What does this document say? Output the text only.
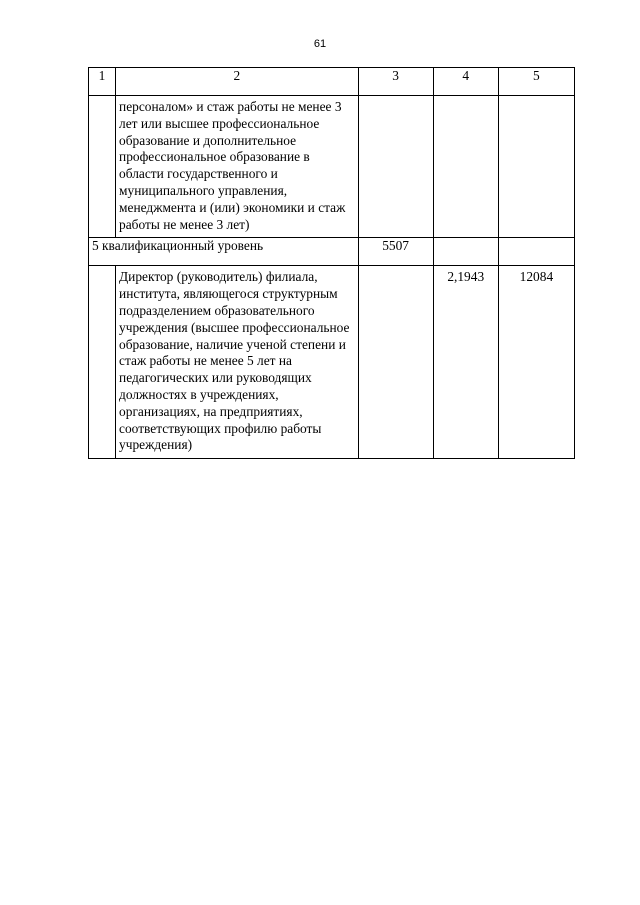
61
1	2	3	4	5
	персоналом» и стаж работы не менее 3 лет или высшее профессиональное образование и дополнительное профессиональное образование в области государственного и муниципального управления, менеджмента и (или) экономики и стаж работы не менее 3 лет)			
5 квалификационный уровень		5507		
	Директор (руководитель) филиала, института, являющегося структурным подразделением образовательного учреждения (высшее профессиональное образование, наличие ученой степени и стаж работы не менее 5 лет на педагогических или руководящих должностях в учреждениях, организациях, на предприятиях, соответствующих профилю работы учреждения)		2,1943	12084
